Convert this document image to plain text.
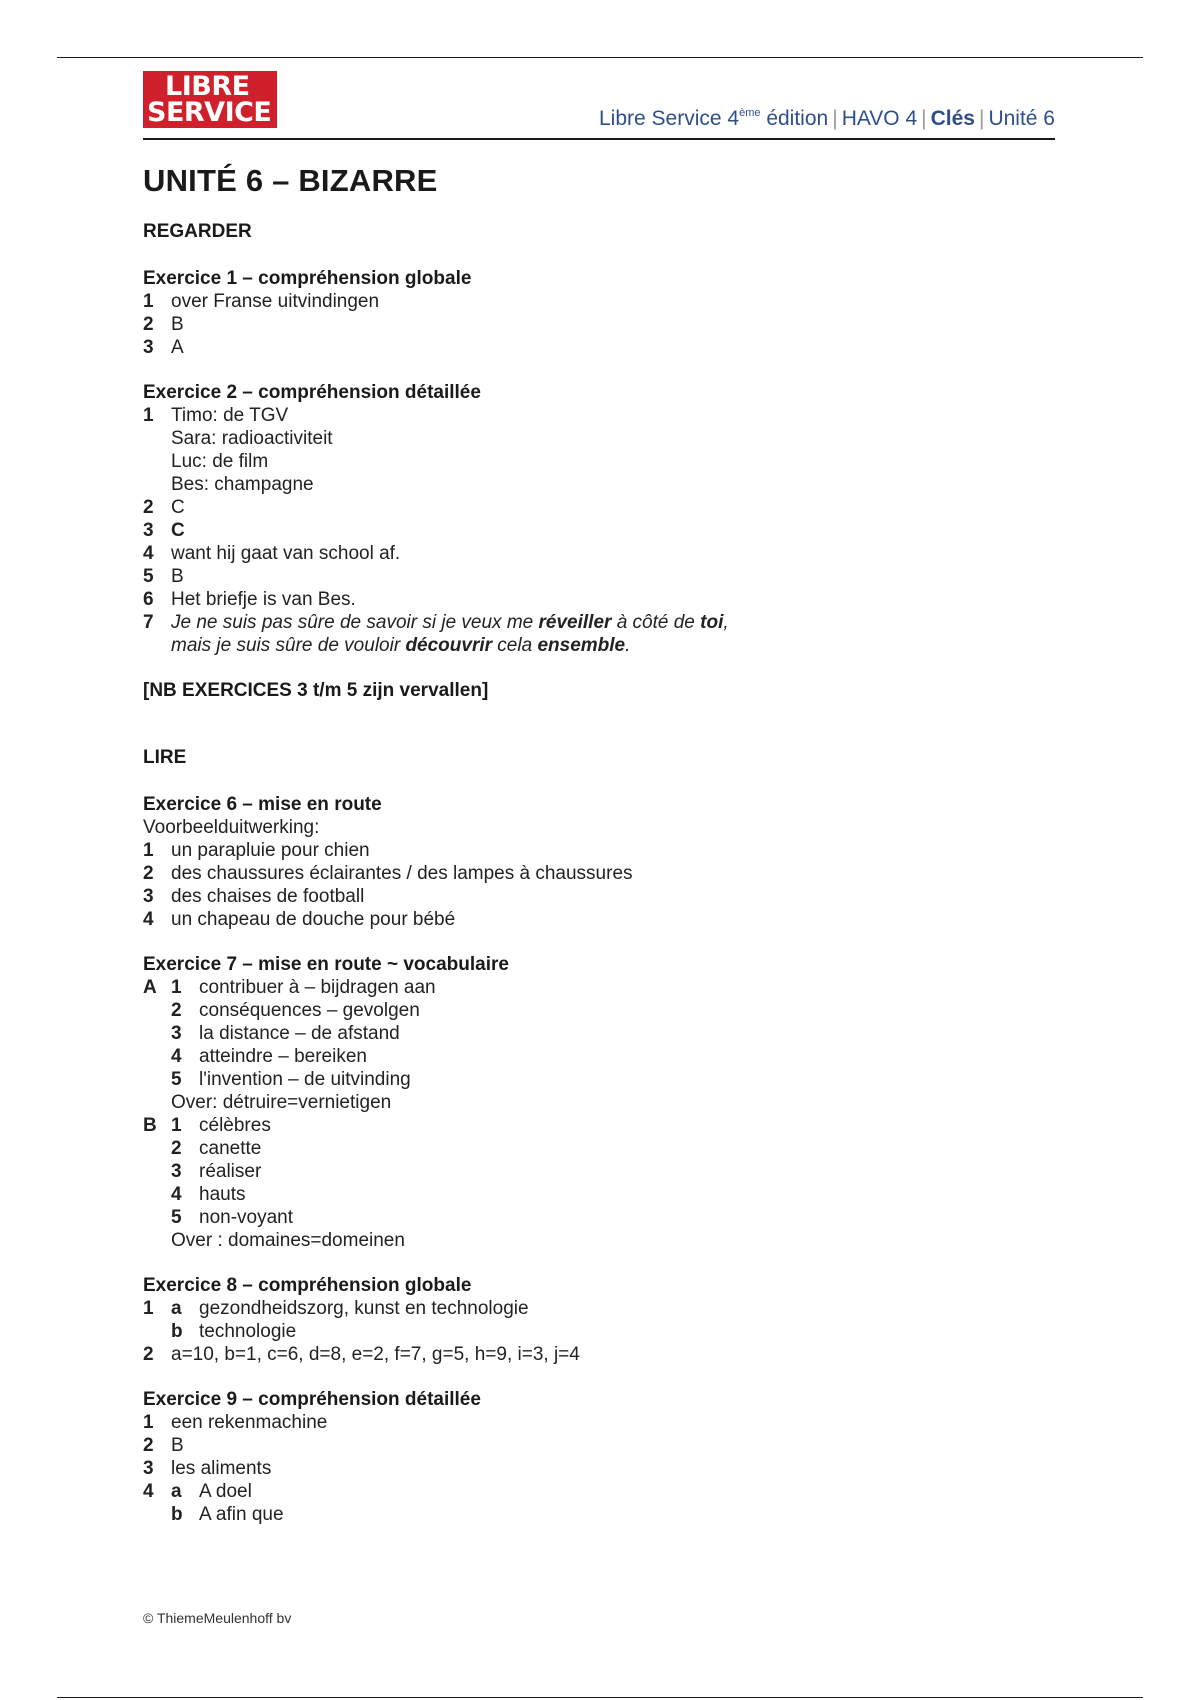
LIBRE
SERVICE	Libre Service 4ème édition | HAVO 4 | Clés | Unité 6
UNITÉ 6 – BIZARRE
REGARDER
Exercice 1 – compréhension globale
1 over Franse uitvindingen
2 B
3 A
Exercice 2 – compréhension détaillée
1 Timo: de TGV
Sara: radioactiviteit
Luc: de film
Bes: champagne
2 C
3 C
4 want hij gaat van school af.
5 B
6 Het briefje is van Bes.
7 Je ne suis pas sûre de savoir si je veux me réveiller à côté de toi,
mais je suis sûre de vouloir découvrir cela ensemble.
[NB EXERCICES 3 t/m 5 zijn vervallen]
LIRE
Exercice 6 – mise en route
Voorbeelduitwerking:
1 un parapluie pour chien
2 des chaussures éclairantes / des lampes à chaussures
3 des chaises de football
4 un chapeau de douche pour bébé
Exercice 7 – mise en route ~ vocabulaire
A 1 contribuer à – bijdragen aan
2 conséquences – gevolgen
3 la distance – de afstand
4 atteindre – bereiken
5 l'invention – de uitvinding
Over: détruire=vernietigen
B 1 célèbres
2 canette
3 réaliser
4 hauts
5 non-voyant
Over : domaines=domeinen
Exercice 8 – compréhension globale
1 a gezondheidszorg, kunst en technologie
b technologie
2 a=10, b=1, c=6, d=8, e=2, f=7, g=5, h=9, i=3, j=4
Exercice 9 – compréhension détaillée
1 een rekenmachine
2 B
3 les aliments
4 a A doel
b A afin que
© ThiemeMeulenhoff bv
